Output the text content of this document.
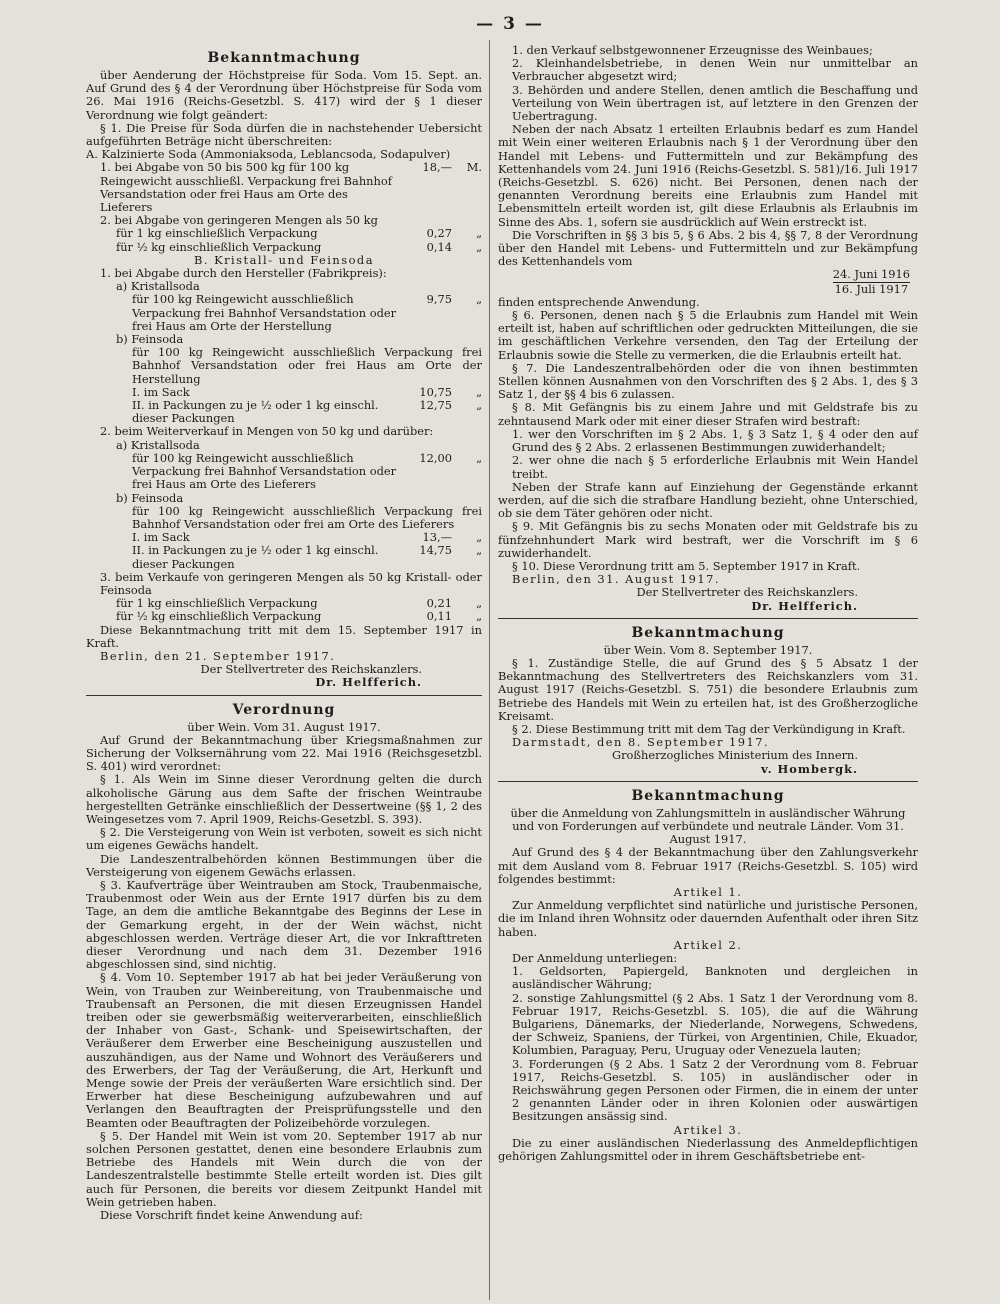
— 3 —
Bekanntmachung

über Aenderung der Höchstpreise für Soda. Vom 15. Sept. an. Auf Grund des § 4 der Verordnung über Höchstpreise für Soda vom 26. Mai 1916 (Reichs-Gesetzbl. S. 417) wird der § 1 dieser Verordnung wie folgt geändert:

§ 1. Die Preise für Soda dürfen die in nachstehender Uebersicht aufgeführten Beträge nicht überschreiten:

A. Kalzinierte Soda (Ammoniaksoda, Leblancsoda, Sodapulver)

1. bei Abgabe von 50 bis 500 kg für 100 kg Reingewicht ausschließl. Verpackung frei Bahnhof Versandstation oder frei Haus am Orte des Lieferers
18,—	M.

2. bei Abgabe von geringeren Mengen als 50 kg

für 1 kg einschließlich Verpackung	0,27	„
für ½ kg einschließlich Verpackung	0,14	„

B. Kristall- und Feinsoda

1. bei Abgabe durch den Hersteller (Fabrikpreis):

a) Kristallsoda

für 100 kg Reingewicht ausschließlich Verpackung frei Bahnhof Versandstation oder frei Haus am Orte der Herstellung
9,75	„

b) Feinsoda

für 100 kg Reingewicht ausschließlich Verpackung frei Bahnhof Versandstation oder frei Haus am Orte der Herstellung

I. im Sack	10,75	„
II. in Packungen zu je ½ oder 1 kg einschl. dieser Packungen
12,75	„

2. beim Weiterverkauf in Mengen von 50 kg und darüber:

a) Kristallsoda

für 100 kg Reingewicht ausschließlich Verpackung frei Bahnhof Versandstation oder frei Haus am Orte des Lieferers
12,00	„

b) Feinsoda

für 100 kg Reingewicht ausschließlich Verpackung frei Bahnhof Versandstation oder frei am Orte des Lieferers

I. im Sack	13,—	„
II. in Packungen zu je ½ oder 1 kg einschl. dieser Packungen
14,75	„

3. beim Verkaufe von geringeren Mengen als 50 kg Kristall- oder Feinsoda

für 1 kg einschließlich Verpackung	0,21	„
für ½ kg einschließlich Verpackung	0,11	„

Diese Bekanntmachung tritt mit dem 15. September 1917 in Kraft.

Berlin, den 21. September 1917.

Der Stellvertreter des Reichskanzlers.

Dr. Helfferich.

Verordnung

über Wein. Vom 31. August 1917.

Auf Grund der Bekanntmachung über Kriegsmaßnahmen zur Sicherung der Volksernährung vom 22. Mai 1916 (Reichsgesetzbl. S. 401) wird verordnet:

§ 1. Als Wein im Sinne dieser Verordnung gelten die durch alkoholische Gärung aus dem Safte der frischen Weintraube hergestellten Getränke einschließlich der Dessertweine (§§ 1, 2 des Weingesetzes vom 7. April 1909, Reichs-Gesetzbl. S. 393).

§ 2. Die Versteigerung von Wein ist verboten, soweit es sich nicht um eigenes Gewächs handelt.

Die Landeszentralbehörden können Bestimmungen über die Versteigerung von eigenem Gewächs erlassen.

§ 3. Kaufverträge über Weintrauben am Stock, Traubenmaische, Traubenmost oder Wein aus der Ernte 1917 dürfen bis zu dem Tage, an dem die amtliche Bekanntgabe des Beginns der Lese in der Gemarkung ergeht, in der der Wein wächst, nicht abgeschlossen werden. Verträge dieser Art, die vor Inkrafttreten dieser Verordnung und nach dem 31. Dezember 1916 abgeschlossen sind, sind nichtig.

§ 4. Vom 10. September 1917 ab hat bei jeder Veräußerung von Wein, von Trauben zur Weinbereitung, von Traubenmaische und Traubensaft an Personen, die mit diesen Erzeugnissen Handel treiben oder sie gewerbsmäßig weiterverarbeiten, einschließlich der Inhaber von Gast-, Schank- und Speisewirtschaften, der Veräußerer dem Erwerber eine Bescheinigung auszustellen und auszuhändigen, aus der Name und Wohnort des Veräußerers und des Erwerbers, der Tag der Veräußerung, die Art, Herkunft und Menge sowie der Preis der veräußerten Ware ersichtlich sind. Der Erwerber hat diese Bescheinigung aufzubewahren und auf Verlangen den Beauftragten der Preisprüfungsstelle und den Beamten oder Beauftragten der Polizeibehörde vorzulegen.

§ 5. Der Handel mit Wein ist vom 20. September 1917 ab nur solchen Personen gestattet, denen eine besondere Erlaubnis zum Betriebe des Handels mit Wein durch die von der Landeszentralstelle bestimmte Stelle erteilt worden ist. Dies gilt auch für Personen, die bereits vor diesem Zeitpunkt Handel mit Wein getrieben haben.

Diese Vorschrift findet keine Anwendung auf:

1. den Verkauf selbstgewonnener Erzeugnisse des Weinbaues;

2. Kleinhandelsbetriebe, in denen Wein nur unmittelbar an Verbraucher abgesetzt wird;

3. Behörden und andere Stellen, denen amtlich die Beschaffung und Verteilung von Wein übertragen ist, auf letztere in den Grenzen der Uebertragung.

Neben der nach Absatz 1 erteilten Erlaubnis bedarf es zum Handel mit Wein einer weiteren Erlaubnis nach § 1 der Verordnung über den Handel mit Lebens- und Futtermitteln und zur Bekämpfung des Kettenhandels vom 24. Juni 1916 (Reichs-Gesetzbl. S. 581)/16. Juli 1917 (Reichs-Gesetzbl. S. 626) nicht. Bei Personen, denen nach der genannten Verordnung bereits eine Erlaubnis zum Handel mit Lebensmitteln erteilt worden ist, gilt diese Erlaubnis als Erlaubnis im Sinne des Abs. 1, sofern sie ausdrücklich auf Wein erstreckt ist.

Die Vorschriften in §§ 3 bis 5, § 6 Abs. 2 bis 4, §§ 7, 8 der Verordnung über den Handel mit Lebens- und Futtermitteln und zur Bekämpfung des Kettenhandels vom

24. Juni 1916
16. Juli 1917

finden entsprechende Anwendung.

§ 6. Personen, denen nach § 5 die Erlaubnis zum Handel mit Wein erteilt ist, haben auf schriftlichen oder gedruckten Mitteilungen, die sie im geschäftlichen Verkehre versenden, den Tag der Erteilung der Erlaubnis sowie die Stelle zu vermerken, die die Erlaubnis erteilt hat.

§ 7. Die Landeszentralbehörden oder die von ihnen bestimmten Stellen können Ausnahmen von den Vorschriften des § 2 Abs. 1, des § 3 Satz 1, der §§ 4 bis 6 zulassen.

§ 8. Mit Gefängnis bis zu einem Jahre und mit Geldstrafe bis zu zehntausend Mark oder mit einer dieser Strafen wird bestraft:

1. wer den Vorschriften im § 2 Abs. 1, § 3 Satz 1, § 4 oder den auf Grund des § 2 Abs. 2 erlassenen Bestimmungen zuwiderhandelt;

2. wer ohne die nach § 5 erforderliche Erlaubnis mit Wein Handel treibt.

Neben der Strafe kann auf Einziehung der Gegenstände erkannt werden, auf die sich die strafbare Handlung bezieht, ohne Unterschied, ob sie dem Täter gehören oder nicht.

§ 9. Mit Gefängnis bis zu sechs Monaten oder mit Geldstrafe bis zu fünfzehnhundert Mark wird bestraft, wer die Vorschrift im § 6 zuwiderhandelt.

§ 10. Diese Verordnung tritt am 5. September 1917 in Kraft.

Berlin, den 31. August 1917.

Der Stellvertreter des Reichskanzlers.

Dr. Helfferich.

Bekanntmachung

über Wein. Vom 8. September 1917.

§ 1. Zuständige Stelle, die auf Grund des § 5 Absatz 1 der Bekanntmachung des Stellvertreters des Reichskanzlers vom 31. August 1917 (Reichs-Gesetzbl. S. 751) die besondere Erlaubnis zum Betriebe des Handels mit Wein zu erteilen hat, ist des Großherzogliche Kreisamt.

§ 2. Diese Bestimmung tritt mit dem Tag der Verkündigung in Kraft.

Darmstadt, den 8. September 1917.

Großherzogliches Ministerium des Innern.

v. Hombergk.

Bekanntmachung

über die Anmeldung von Zahlungsmitteln in ausländischer Währung und von Forderungen auf verbündete und neutrale Länder. Vom 31. August 1917.

Auf Grund des § 4 der Bekanntmachung über den Zahlungsverkehr mit dem Ausland vom 8. Februar 1917 (Reichs-Gesetzbl. S. 105) wird folgendes bestimmt:

Artikel 1.

Zur Anmeldung verpflichtet sind natürliche und juristische Personen, die im Inland ihren Wohnsitz oder dauernden Aufenthalt oder ihren Sitz haben.

Artikel 2.

Der Anmeldung unterliegen:

1. Geldsorten, Papiergeld, Banknoten und dergleichen in ausländischer Währung;

2. sonstige Zahlungsmittel (§ 2 Abs. 1 Satz 1 der Verordnung vom 8. Februar 1917, Reichs-Gesetzbl. S. 105), die auf die Währung Bulgariens, Dänemarks, der Niederlande, Norwegens, Schwedens, der Schweiz, Spaniens, der Türkei, von Argentinien, Chile, Ekuador, Kolumbien, Paraguay, Peru, Uruguay oder Venezuela lauten;

3. Forderungen (§ 2 Abs. 1 Satz 2 der Verordnung vom 8. Februar 1917, Reichs-Gesetzbl. S. 105) in ausländischer oder in Reichswährung gegen Personen oder Firmen, die in einem der unter 2 genannten Länder oder in ihren Kolonien oder auswärtigen Besitzungen ansässig sind.

Artikel 3.

Die zu einer ausländischen Niederlassung des Anmeldepflichtigen gehörigen Zahlungsmittel oder in ihrem Geschäftsbetriebe ent-
